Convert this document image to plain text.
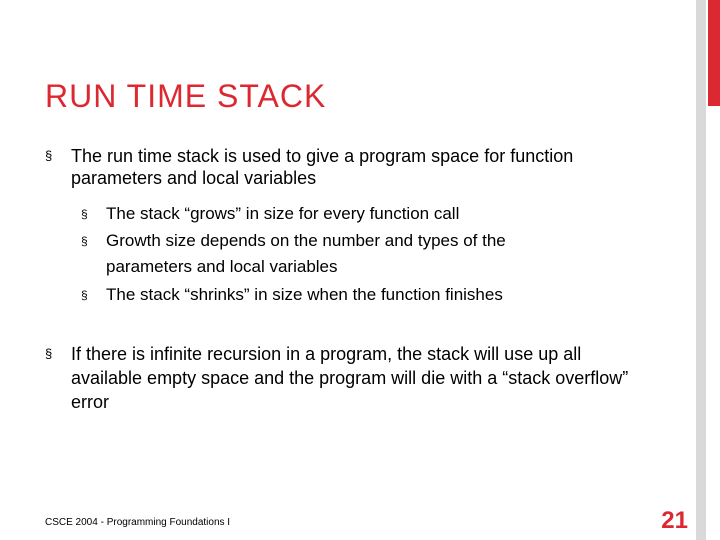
RUN TIME STACK
§ The run time stack is used to give a program space for function parameters and local variables
§ The stack “grows” in size for every function call
§ Growth size depends on the number and types of the parameters and local variables
§ The stack “shrinks” in size when the function finishes
§ If there is infinite recursion in a program, the stack will use up all available empty space and the program will die with a “stack overflow” error
CSCE 2004 - Programming Foundations I	21
